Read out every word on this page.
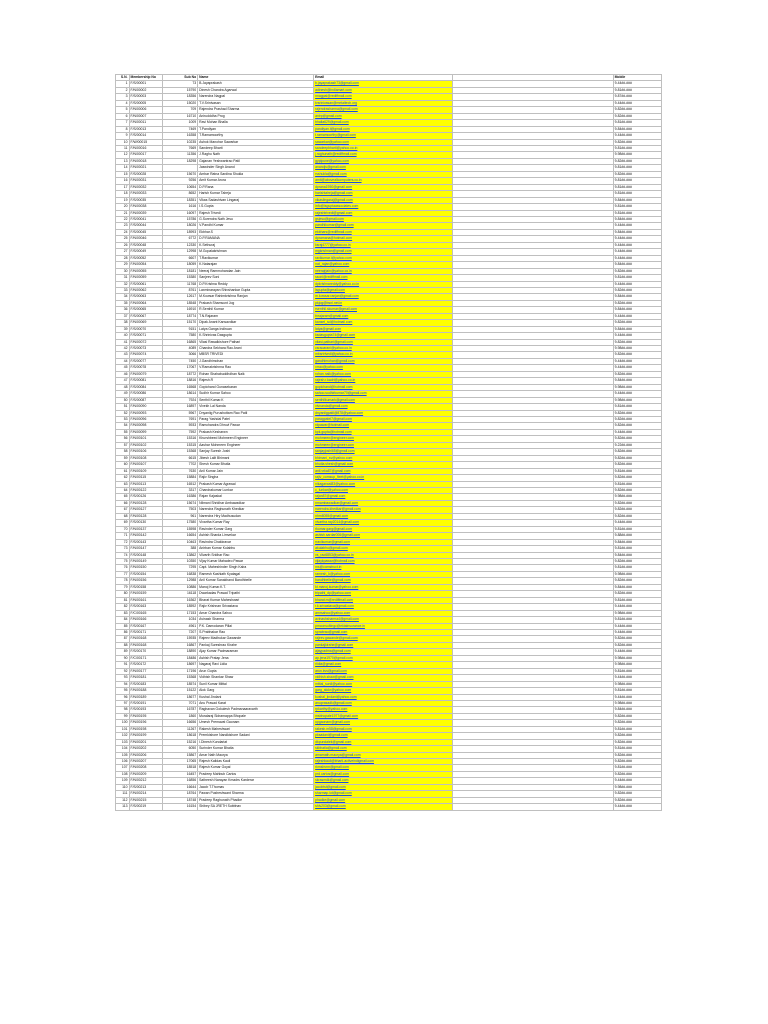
S.N.	Membership No	Sub No	Name	Email		Mobile
1	F/S/00001	73	B.Jayaprakash	b.jayaprakash73@gmail.com		9-44##-###
2	F/N/00002	15790	Dinesh Chandra Agarwal	adinesh@indiamart.com		9-81##-###
3	F/S/00003	18356	Narendra Nagpal	nnagpal@rediffmail.com		9-87##-###
4	F/S/00005	15020	T.V.Srinivasan	tvsrinivasan@metaltech.org		9-44##-###
5	F/N/00006	709	Rajendra Prashad Sharma	rajendrasharma@gmail.com		9-82##-###
6	F/N/00007	16710	Anirudddha Prog	anirp@gmail.com		9-82##-###
7	F/N/00011	1009	Ravi Mohan Bhalla	bhalla629@gmail.com		9-81##-###
8	F/S/00013	7469	T.Pandiyan	pandiyan.t@gmail.com		9-84##-###
9	F/S/00014	16358	T.Ramamoorthy	t.ramamoorthy@gmail.com		9-44##-###
10	F/W/00015	10235	Ashok Manohar Sawarkar	sawarkar@yahoo.com		9-82##-###
11	F/N/00016	7669	Sandeep Bharti	sandeepbharti@yahoo.co.in		9-81##-###
12	F/N/00017	11356	J.Raghu Nath	j.raghunath@rediffmail.com		9-98##-###
13	F/N/00018	18298	Gajanan Yeshwantrao Patil	gyplpune@yahoo.com		9-82##-###
14	F/N/00021		Jaswinder Singh Anand	anandjs@gmail.com		9-81##-###
15	F/S/00028	15670	Ambar Ratna Sardina Shukla	rsshukla@gmail.com		9-82##-###
16	F/N/00031	9256	Amit Kumar Arora	amit@aboveallcomputers.co.in		9-81##-###
17	F/N/00032	10654	D.P.Rana	dprana1950@gmail.com		9-81##-###
18	F/N/00033	8652	Harish Kumar Talreja	harishtalreja@gmail.com		9-81##-###
19	F/S/00035	18351	Vikas Sadashivan Lingaraj	vikaslingaraj@gmail.com		9-84##-###
20	F/N/00038	1616	I.S.Gupta	info@isguptaassociates.com		9-81##-###
21	F/N/00039	16097	Rajesh Trivedi	rajeshtrivedi@gmail.com		9-81##-###
22	F/S/00041	15786	G.Surendra Nath Jesu	gsjesu@gmail.com		9-84##-###
23	F/S/00044	18026	V.Pandhi Kumar	pandhikumar@gmail.com		9-44##-###
24	F/S/00045	18993	Ekbhar.S	ekbhars@rediffmail.com		9-84##-###
25	F/N/00046	6772	D.P.RAMANA	dpramana@hotmail.com		9-44##-###
26	F/S/00048	12330	K.Sethuraj	ksraj4777@yahoo.co.in		9-44##-###
27	F/S/00049	12998	M.Gopalakrishnan	mgkrishnan@gmail.com		9-44##-###
28	F/S/00052	6607	T.Ravikumar	ravikumar.t@yahoo.com		9-44##-###
29	F/N/00054	18059	K.Natarajan	nat_rajan@yahoo.com		9-84##-###
30	F/N/00055	18181	Neeraj Rammohandan Jain	neerajrjain@yahoo.co.in		9-82##-###
31	F/N/00059	15380	Sanjeev Soni	ssoni@rediffmail.com		9-81##-###
32	F/S/00061	11768	D.P.Krishna Reddy	dpkrishnareddy@yahoo.co.in		9-44##-###
33	F/N/00062	8761	Laxminarayan Shivshankar Gupta	lsgupta@gmail.com		9-82##-###
34	F/S/00063	12617	M.Kowsar Rahimkrishna Ranjan	m.kowsar.ranjan@gmail.com		9-84##-###
35	F/N/00064	18548	Prakash Shamsunt Jog	pkjog@bsnl.net.in		9-82##-###
36	F/S/00065	16910	R.Senthil Kumar	rsenthil.skumar@gmail.com		9-84##-###
37	F/S/00067	18774	T.N.Rajaram	tnrajaram@gmail.com		9-44##-###
38	F/N/00069	15170	Dipak Anant Kansavdkar	kanset_sd@hotmail.com		9-82##-###
39	F/S/00070	9151	Latya Ganga Indiruan	latya@gmail.com		9-84##-###
40	F/S/00071	7580	K.Shrinivas Dasgupta	ksdasgupta74@gmail.com		9-44##-###
41	F/N/00072	16865	Vilasi Rawalkishore Pathari	vilasi.pathari@gmail.com		9-82##-###
42	F/S/00073	4089	Chandra Sekhara Rao Arani	csraoarani@yahoo.co.in		9-98##-###
43	F/N/00074	3066	MBSR TRIVEDI	mbsrtrivedi@yahoo.co.in		9-82##-###
44	F/S/00077	7450	J.Gandhimohan	gandhimohan@gmail.com		9-44##-###
45	F/S/00078	17067	V.Ramakrishnna Rao	vrrao@yahoo.com		9-44##-###
46	F/N/00079	18772	Rohan Shahabuddhdhan Naik	rohan.naik@yahoo.com		9-82##-###
47	F/S/00081	18816	Rajesh.R	rajesh.r.kadri@yahoo.co.in		9-84##-###
48	F/S/00084	16568	Gopichand Gunasekaran	gopichand@hotmail.com		9-98##-###
49	F/S/00086	18614	Sudhir Kumar Sahoo	sahoo.sudhirkumar70@gmail.com		9-44##-###
50	F/S/00087	7924	Senthil Kumar.K	senthilkumark@gmail.com		9-98##-###
51	F/N/00090	16897	Vivekh Lal Nanda	vivnanda@gmail.com		9-81##-###
52	F/N/00093	5967	Dnyaniig Purushottam Rao Patil	dnyaniigpatil@878@yahoo.com		9-82##-###
53	F/N/00096	7691	Parag Yashdal Patel	paragpatel7@gmail.com		9-82##-###
54	F/N/00098	5933	Ramchandra Dhruvl Pawar	rdpawar@hotmail.com		9-82##-###
55	F/N/00099	7592	Prakash Kesharwn	kpk.gupta@hotmail.com		9-44##-###
56	F/N/00101	15316	Khurshbeed Mohmeen Engineer	mohmeen@engineer.com		9-82##-###
57	F/N/00102	15315	Aashar Mohmeen Engineer	mohmeen@engineer.com		9-22##-###
58	F/N/00106	15368	Sanjay Suresh Joshi	sanjayjoshi65@gmail.com		9-82##-###
59	F/N/00108	6615	Jibesh Lalit Bhimani	bhimani_sv@yahoo.com		9-82##-###
60	F/N/00107	7702	Shesh Kumar Bhutla	bhutla.shesh@gmail.com		9-82##-###
61	F/N/00109	7630	Anil Kumar Jain	anil.vrka87@gmail.com		9-81##-###
62	F/N/00115	15884	Rajiv Singha	rajiv_comsup_fleet@yahoo.co.in		9-82##-###
63	F/N/00113	16512	Prakash Kumar Agrawal	nikagarwal83@yahoo.com		9-81##-###
64	F/N/00122	3317	Chandrakumar Lunkar	c_lunkar@yahoo.com		9-82##-###
65	F/S/00126	16386	Rajan Kajaskal	rajan87@gmail.com		9-98##-###
66	F/N/00128	15674	Nilmani Shridhar Ambawadkar	nmambawadkar@gmail.com		9-82##-###
67	F/N/00127	7503	Narendra Raghunath Khedkar	narendra.khedkar@gmail.com		9-82##-###
68	F/N/00128	961	Narendra Hiry Madhusudan	nhm8055@gmail.com		9-82##-###
69	F/S/00130	17580	Vivartha Kumar Ray	vivartha.ray2014@gmail.com		9-44##-###
70	F/N/00137	15598	Ravinder Kumar Garg	rkumar.garg@gmail.com		9-81##-###
71	F/N/00142	16654	Ashish Sharda Limvekar	ashish.sardar006@gmail.com		9-88##-###
72	F/S/00143	10463	Ravindra Chakkravar	rravikumar@gmail.com		9-84##-###
73	F/N/00147	388	Anirban Kumar Kulabhu	akulabhu@gmail.com		9-81##-###
74	F/S/00148	13862	Vilvarth Sridhar Rao	vs_rao6853@yahoo.co.in		9-84##-###
75	F/N/00149	10350	Vijay Kumar Mahadeo Pawar	vijaykpawar@hotmail.com		9-82##-###
76	F/N/00150	7295	Capt. Maheshinder Singh Kalra	ms@comstruct.in		9-81##-###
77	F/S/00154	16838	Ramesh Kashiath Kyatagal	ramesh_k@yahoo.com		9-98##-###
78	F/N/00156	12988	Anil Kumar Sanakhand Bandhbelle	bandhbelle@gmail.com		9-82##-###
79	F/S/00158	10886	Manoj Kumar.K.T.	kt.manoj.kumar@yahoo.com		9-84##-###
80	F/N/00159	16118	Dwarkadas Prasad Tripathi	tripathi_dp@yahoo.com		9-82##-###
81	F/N/00161	16362	Bharat Kumar Maheshwari	bharat.m@rediffmail.com		9-81##-###
82	F/S/00163	18592	Rajiv Krishnan Srivastava	r.k.srivastava@gmail.com		9-44##-###
83	F/C/00165	17153	Amar Chandra Sahoo	amrsahoo@yahoo.com		9-98##-###
84	F/N/00166	1034	Avinash Sharma	avinashsharma4@gmail.com		9-81##-###
85	F/S/00167	4961	P.K. Damodaran Pillai	pmconsultingc@ektainsurance.in		9-44##-###
86	F/S/00171	7207	S.Prabhakar Rao	sprabrao@gmail.com		9-44##-###
87	F/N/00168	15935	Rajeev Madhukar Gawande	rajeev.gawande@gmail.com		9-82##-###
88	F/N/00168	16867	Pankaj Sureshrao Kirahe	pankajkirahe@gmail.com		9-82##-###
89	F/S/00170	18890	Ajay Kumar Padmaraman	ajaypadma@gmail.com		9-44##-###
90	F/C/00171	18486	Ashish Pratap Jena	ap.jena1970@gmail.com		9-98##-###
91	F/S/00172	18697	Nagaraj Ravi Lidia	rlidia@gmail.com		9-98##-###
92	F/N/00177	17196	Arun Gupta	arun.kvs@gmail.com		9-81##-###
93	F/N/00181	15368	Vidhish Shankar Shaw	vidhish.shaw@gmail.com		9-44##-###
94	F/S/00183	18574	Sunil Kumar Mittal	mittal_sunil@yahoo.com		9-98##-###
95	F/N/00188	15122	Alok Garg	garg_alokr@yahoo.com		9-81##-###
96	F/N/00189	18677	Kushal Jindani	kushal_jindani@yahoo.com		9-44##-###
97	F/S/00191	7071	Anu Prasad Karat	anuprasadk@gmail.com		9-98##-###
98	F/S/00193	16787	Raghavan Gokulesh Padmanaaravarth	rpkarthy@yahoo.com		9-84##-###
99	F/N/00195	1860	Muralaraj Sidramappa Bhopale	msbhopale1977@gmail.com		9-82##-###
100	F/N/00196	16656	Umesh Premavat Gaonam	upgaonam@gmail.com		9-82##-###
101	F/N/00198	11267	Rakesh Maheshwari	rakesh.m58@gmail.com		9-81##-###
102	F/N/00199	18618	Premkishore Nandkishore Sadani	pksadani@gmail.com		9-82##-###
103	F/N/00201	15216	I.Dinesh Kundariat	dkpundalek@gmail.com		9-82##-###
104	F/N/00202	6050	Surinder Kumar Bhatia	skbhatia@gmail.com		9-81##-###
105	F/N/00206	15867	Amar Nath Maurya	amarnath.maurya@gmail.com		9-82##-###
106	F/N/00207	17065	Rajesh Kalidas Kauli	rajeshkauli@bharti-activeindigmail.com		9-82##-###
107	F/N/00208	18518	Rajesh Kumar Goyal	rkmsbvrm@gmail.com		9-81##-###
108	F/N/00209	16457	Pradeep Mahbub Cartos	prd.cartos@gmail.com		9-82##-###
109	F/N/00212	16856	Satheesh Narayan Kmadrs Karderar	skrasmdk@gmail.com		9-44##-###
110	F/S/00213	16644	Jacob T.Thomas	jacobtst@gmail.com		9-98##-###
111	F/N/00214	18764	Pawan Pusheshwant Sharma	sharmap.iot@gmail.com		9-82##-###
112	F/N/00215	18748	Pradeep Raghunath Phadke	phadke@gmail.com		9-82##-###
113	F/S/00219	16154	Shibey SA JRETH Subbhav	shiv203@gmail.com		9-44##-###
